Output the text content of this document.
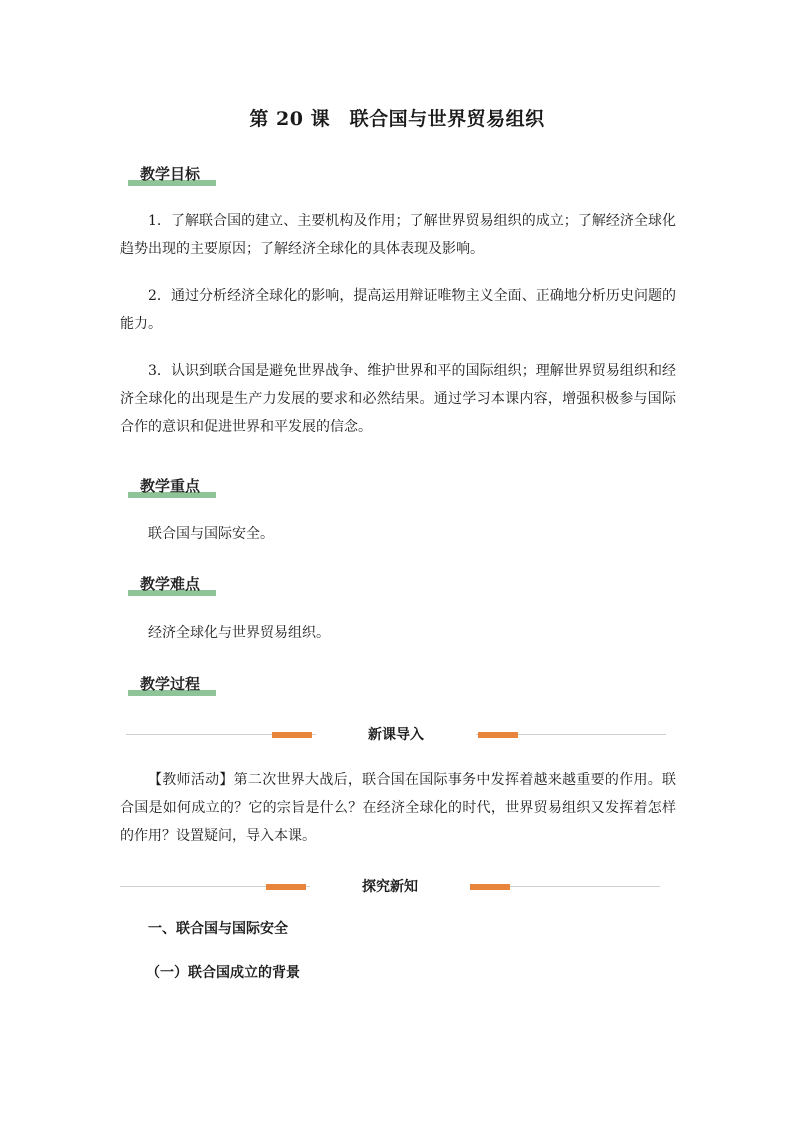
第 20 课　联合国与世界贸易组织
教学目标

1．了解联合国的建立、主要机构及作用；了解世界贸易组织的成立；了解经济全球化趋势出现的主要原因；了解经济全球化的具体表现及影响。

2．通过分析经济全球化的影响，提高运用辩证唯物主义全面、正确地分析历史问题的能力。

3．认识到联合国是避免世界战争、维护世界和平的国际组织；理解世界贸易组织和经济全球化的出现是生产力发展的要求和必然结果。通过学习本课内容，增强积极参与国际合作的意识和促进世界和平发展的信念。

教学重点

联合国与国际安全。

教学难点

经济全球化与世界贸易组织。

教学过程
新课导入

【教师活动】第二次世界大战后，联合国在国际事务中发挥着越来越重要的作用。联合国是如何成立的？它的宗旨是什么？在经济全球化的时代，世界贸易组织又发挥着怎样的作用？设置疑问，导入本课。

探究新知
一、联合国与国际安全
（一）联合国成立的背景
